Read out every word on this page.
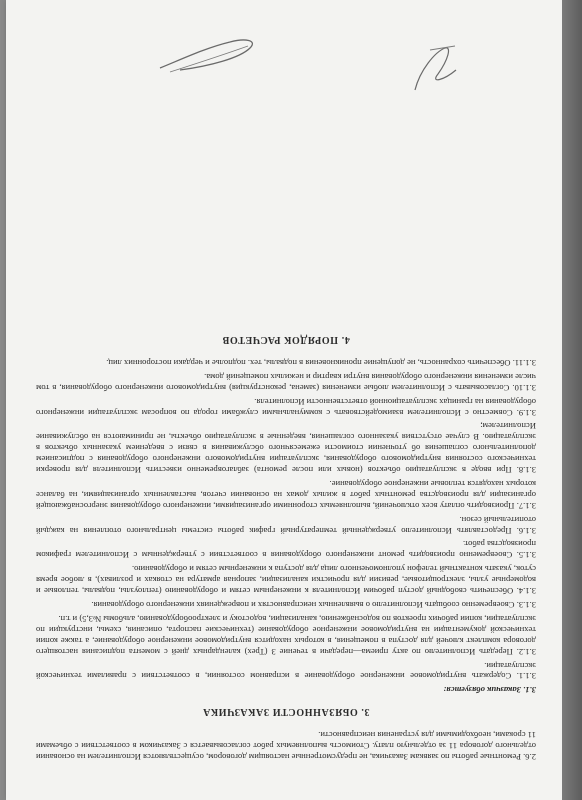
2.6. Ремонтные работы по заявкам Заказчика, не предусмотренные настоящим договором, осуществляются Исполнителем на основании отдельного договора 11 за отдельную плату. Стоимость выполняемых работ согласовывается с Заказчиком в соответствии с объемами 11 сроками, необходимыми для устранения неисправности.

3. ОБЯЗАННОСТИ ЗАКАЗЧИКА
3.1. Заказчик обязуется:

3.1.1. Содержать внутридомовое инженерное оборудование в исправном состоянии, в соответствии с правилами технической эксплуатации.

3.1.2. Передать Исполнителю по акту приема—передачи в течение 3 (Трех) календарных дней с момента подписания настоящего договора комплект ключей для доступа в помещения, в которых находится внутридомовое инженерное оборудование, а также копии технической документации на внутридомовое инженерное оборудование (технические паспорта, описания, схемы, инструкции по эксплуатации, копии рабочих проектов по водоснабжению, канализации, водостоку и электрооборудованию, альбомы №3,5) и т.п.

3.1.3. Своевременно сообщать Исполнителю о выявленных неисправностях и повреждениях инженерного оборудования.

3.1.4. Обеспечить свободный доступ рабочим Исполнителя к инженерным сетям и оборудованию (теплоузлы, подвалы, тепловые и водомерные узлы, электрощитовые, ревизии для прочистки канализации, запорная арматура на стояках и розливах), в любое время суток, указать контактный телефон уполномоченного лица для доступа к инженерным сетям и оборудованию.

3.1.5. Своевременно производить ремонт инженерного оборудования в соответствии с утвержденным с Исполнителем графиком производства работ.

3.1.6. Предоставлять Исполнителю утвержденный температурный график работы системы центрального отопления на каждый отопительный сезон.

3.1.7. Производить оплату всех отключений, выполняемых сторонними организациями, инженерного оборудования энергоснабжающей организации для производства ремонтных работ в жилых домах на основании счетов, выставленных организациями, на балансе которых находятся тепловые инженерное оборудование.

3.1.8. При вводе в эксплуатацию объектов (новых или после ремонта) заблаговременно известить Исполнителя для проверки технического состояния внутридомового оборудования, эксплуатации внутридомового инженерного оборудования с подписанием дополнительного соглашения об уточнении стоимости ежемесячного обслуживания в связи с введением указанных объектов в эксплуатацию. В случае отсутствия указанного соглашения, введенные в эксплуатацию объекты, не принимаются на обслуживание Исполнителем;

3.1.9. Совместно с Исполнителем взаимодействовать с коммунальными службами города по вопросам эксплуатации инженерного оборудования на границах эксплуатационной ответственности Исполнителя.

3.1.10. Согласовывать с Исполнителем любые изменения (замена, реконструкция) внутридомового инженерного оборудования, в том числе изменения инженерного оборудования внутри квартир и нежилых помещений дома.

3.1.11. Обеспечить сохранность, не допущение проникновения в подвалы, тех. подполье и чердаки посторонних лиц.

4. ПОРЯДОК РАСЧЕТОВ
